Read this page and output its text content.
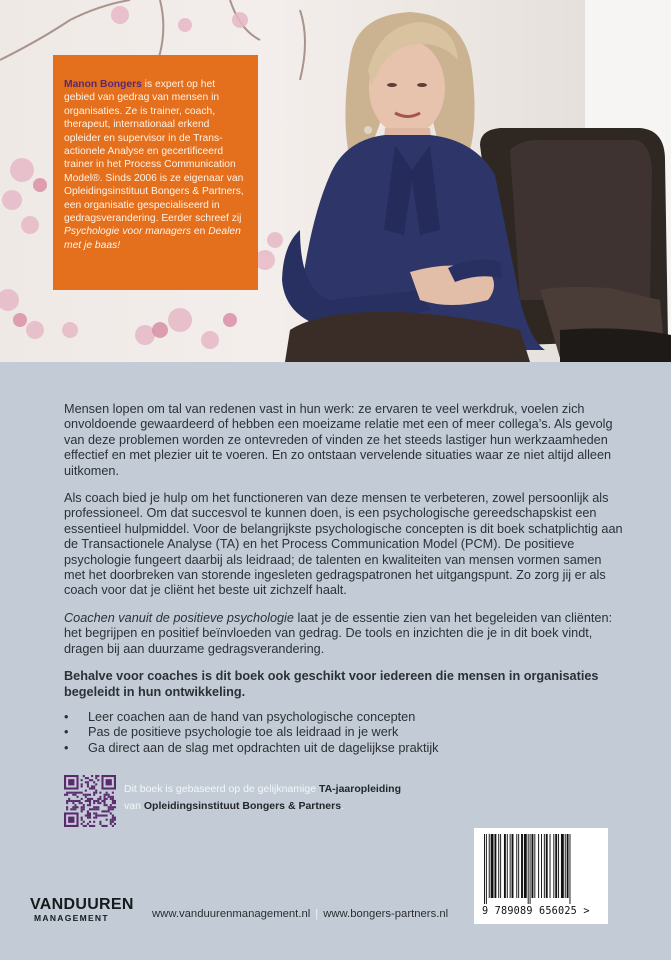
Manon Bongers is expert op het gebied van gedrag van mensen in organisaties. Ze is trainer, coach, therapeut, internationaal erkend opleider en supervisor in de Transactionele Analyse en gecertificeerd trainer in het Process Communication Model®. Sinds 2006 is ze eigenaar van Opleidingsinstituut Bongers & Partners, een organisatie gespecialiseerd in gedragsverandering. Eerder schreef zij Psychologie voor managers en Dealen met je baas!

Mensen lopen om tal van redenen vast in hun werk: ze ervaren te veel werkdruk, voelen zich onvoldoende gewaardeerd of hebben een moeizame relatie met een of meer collega’s. Als gevolg van deze problemen worden ze ontevreden of vinden ze het steeds lastiger hun werkzaamheden effectief en met plezier uit te voeren. En zo ontstaan vervelende situaties waar ze niet altijd alleen uitkomen.

Als coach bied je hulp om het functioneren van deze mensen te verbeteren, zowel persoonlijk als professioneel. Om dat succesvol te kunnen doen, is een psychologische gereedschapskist een essentieel hulpmiddel. Voor de belangrijkste psychologische concepten is dit boek schatplichtig aan de Transactionele Analyse (TA) en het Process Communication Model (PCM). De positieve psychologie fungeert daarbij als leidraad; de talenten en kwaliteiten van mensen vormen samen met het doorbreken van storende ingesleten gedragspatronen het uitgangspunt. Zo zorg jij er als coach voor dat je cliënt het beste uit zichzelf haalt.

Coachen vanuit de positieve psychologie laat je de essentie zien van het begeleiden van cliënten: het begrijpen en positief beïnvloeden van gedrag. De tools en inzichten die je in dit boek vindt, dragen bij aan duurzame gedragsverandering.

Behalve voor coaches is dit boek ook geschikt voor iedereen die mensen in organisaties begeleidt in hun ontwikkeling.

• Leer coachen aan de hand van psychologische concepten
• Pas de positieve psychologie toe als leidraad in je werk
• Ga direct aan de slag met opdrachten uit de dagelijkse praktijk
Dit boek is gebaseerd op de gelijknamige TA-jaaropleiding
van Opleidingsinstituut Bongers & Partners.
VANDUUREN
MANAGEMENT	www.vanduurenmanagement.nl | www.bongers-partners.nl	9 789089 656025 >
